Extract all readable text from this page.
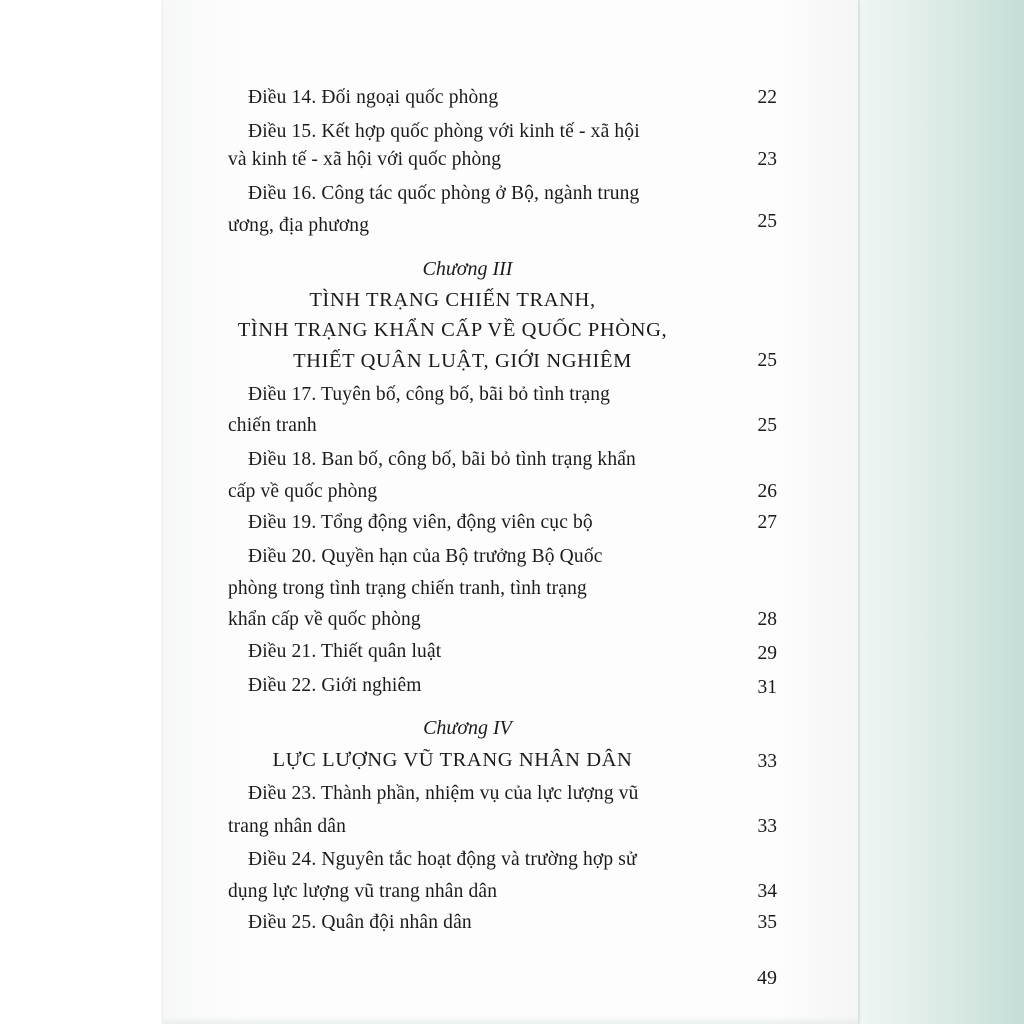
Điều 14. Đối ngoại quốc phòng	22
Điều 15. Kết hợp quốc phòng với kinh tế - xã hội
và kinh tế - xã hội với quốc phòng	23
Điều 16. Công tác quốc phòng ở Bộ, ngành trung
ương, địa phương	25
Chương III
TÌNH TRẠNG CHIẾN TRANH,
TÌNH TRẠNG KHẨN CẤP VỀ QUỐC PHÒNG,
THIẾT QUÂN LUẬT, GIỚI NGHIÊM	25
Điều 17. Tuyên bố, công bố, bãi bỏ tình trạng
chiến tranh	25
Điều 18. Ban bố, công bố, bãi bỏ tình trạng khẩn
cấp về quốc phòng	26
Điều 19. Tổng động viên, động viên cục bộ	27
Điều 20. Quyền hạn của Bộ trưởng Bộ Quốc
phòng trong tình trạng chiến tranh, tình trạng
khẩn cấp về quốc phòng	28
Điều 21. Thiết quân luật	29
Điều 22. Giới nghiêm	31
Chương IV
LỰC LƯỢNG VŨ TRANG NHÂN DÂN	33
Điều 23. Thành phần, nhiệm vụ của lực lượng vũ
trang nhân dân	33
Điều 24. Nguyên tắc hoạt động và trường hợp sử
dụng lực lượng vũ trang nhân dân	34
Điều 25. Quân đội nhân dân	35
49
